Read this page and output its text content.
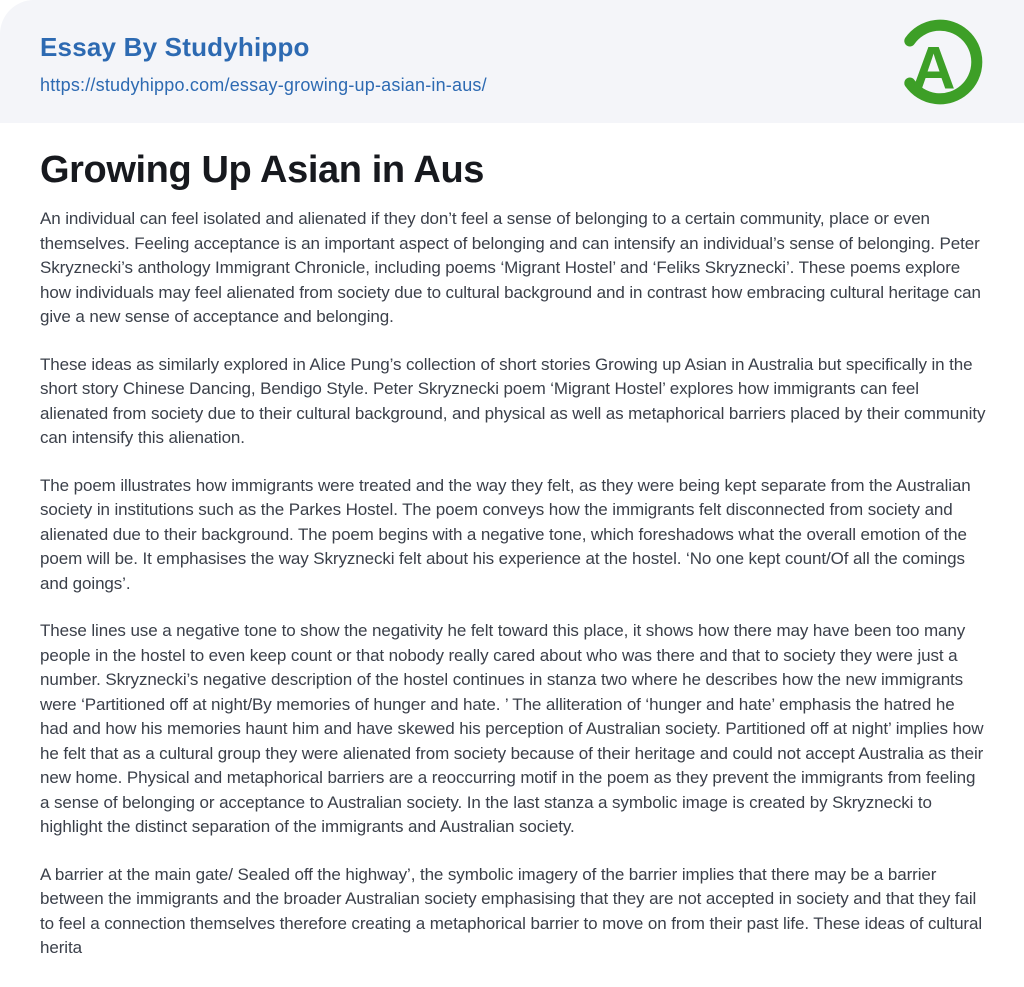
Essay By Studyhippo
https://studyhippo.com/essay-growing-up-asian-in-aus/	A
Growing Up Asian in Aus

An individual can feel isolated and alienated if they don’t feel a sense of belonging to a certain community, place or even themselves. Feeling acceptance is an important aspect of belonging and can intensify an individual’s sense of belonging. Peter Skryznecki’s anthology Immigrant Chronicle, including poems ‘Migrant Hostel’ and ‘Feliks Skryznecki’. These poems explore how individuals may feel alienated from society due to cultural background and in contrast how embracing cultural heritage can give a new sense of acceptance and belonging.

These ideas as similarly explored in Alice Pung’s collection of short stories Growing up Asian in Australia but specifically in the short story Chinese Dancing, Bendigo Style. Peter Skryznecki poem ‘Migrant Hostel’ explores how immigrants can feel alienated from society due to their cultural background, and physical as well as metaphorical barriers placed by their community can intensify this alienation.

The poem illustrates how immigrants were treated and the way they felt, as they were being kept separate from the Australian society in institutions such as the Parkes Hostel. The poem conveys how the immigrants felt disconnected from society and alienated due to their background. The poem begins with a negative tone, which foreshadows what the overall emotion of the poem will be. It emphasises the way Skryznecki felt about his experience at the hostel. ‘No one kept count/Of all the comings and goings’.

These lines use a negative tone to show the negativity he felt toward this place, it shows how there may have been too many people in the hostel to even keep count or that nobody really cared about who was there and that to society they were just a number. Skryznecki’s negative description of the hostel continues in stanza two where he describes how the new immigrants were ‘Partitioned off at night/By memories of hunger and hate. ’ The alliteration of ‘hunger and hate’ emphasis the hatred he had and how his memories haunt him and have skewed his perception of Australian society. Partitioned off at night’ implies how he felt that as a cultural group they were alienated from society because of their heritage and could not accept Australia as their new home. Physical and metaphorical barriers are a reoccurring motif in the poem as they prevent the immigrants from feeling a sense of belonging or acceptance to Australian society. In the last stanza a symbolic image is created by Skryznecki to highlight the distinct separation of the immigrants and Australian society.

A barrier at the main gate/ Sealed off the highway’, the symbolic imagery of the barrier implies that there may be a barrier between the immigrants and the broader Australian society emphasising that they are not accepted in society and that they fail to feel a connection themselves therefore creating a metaphorical barrier to move on from their past life. These ideas of cultural herita
